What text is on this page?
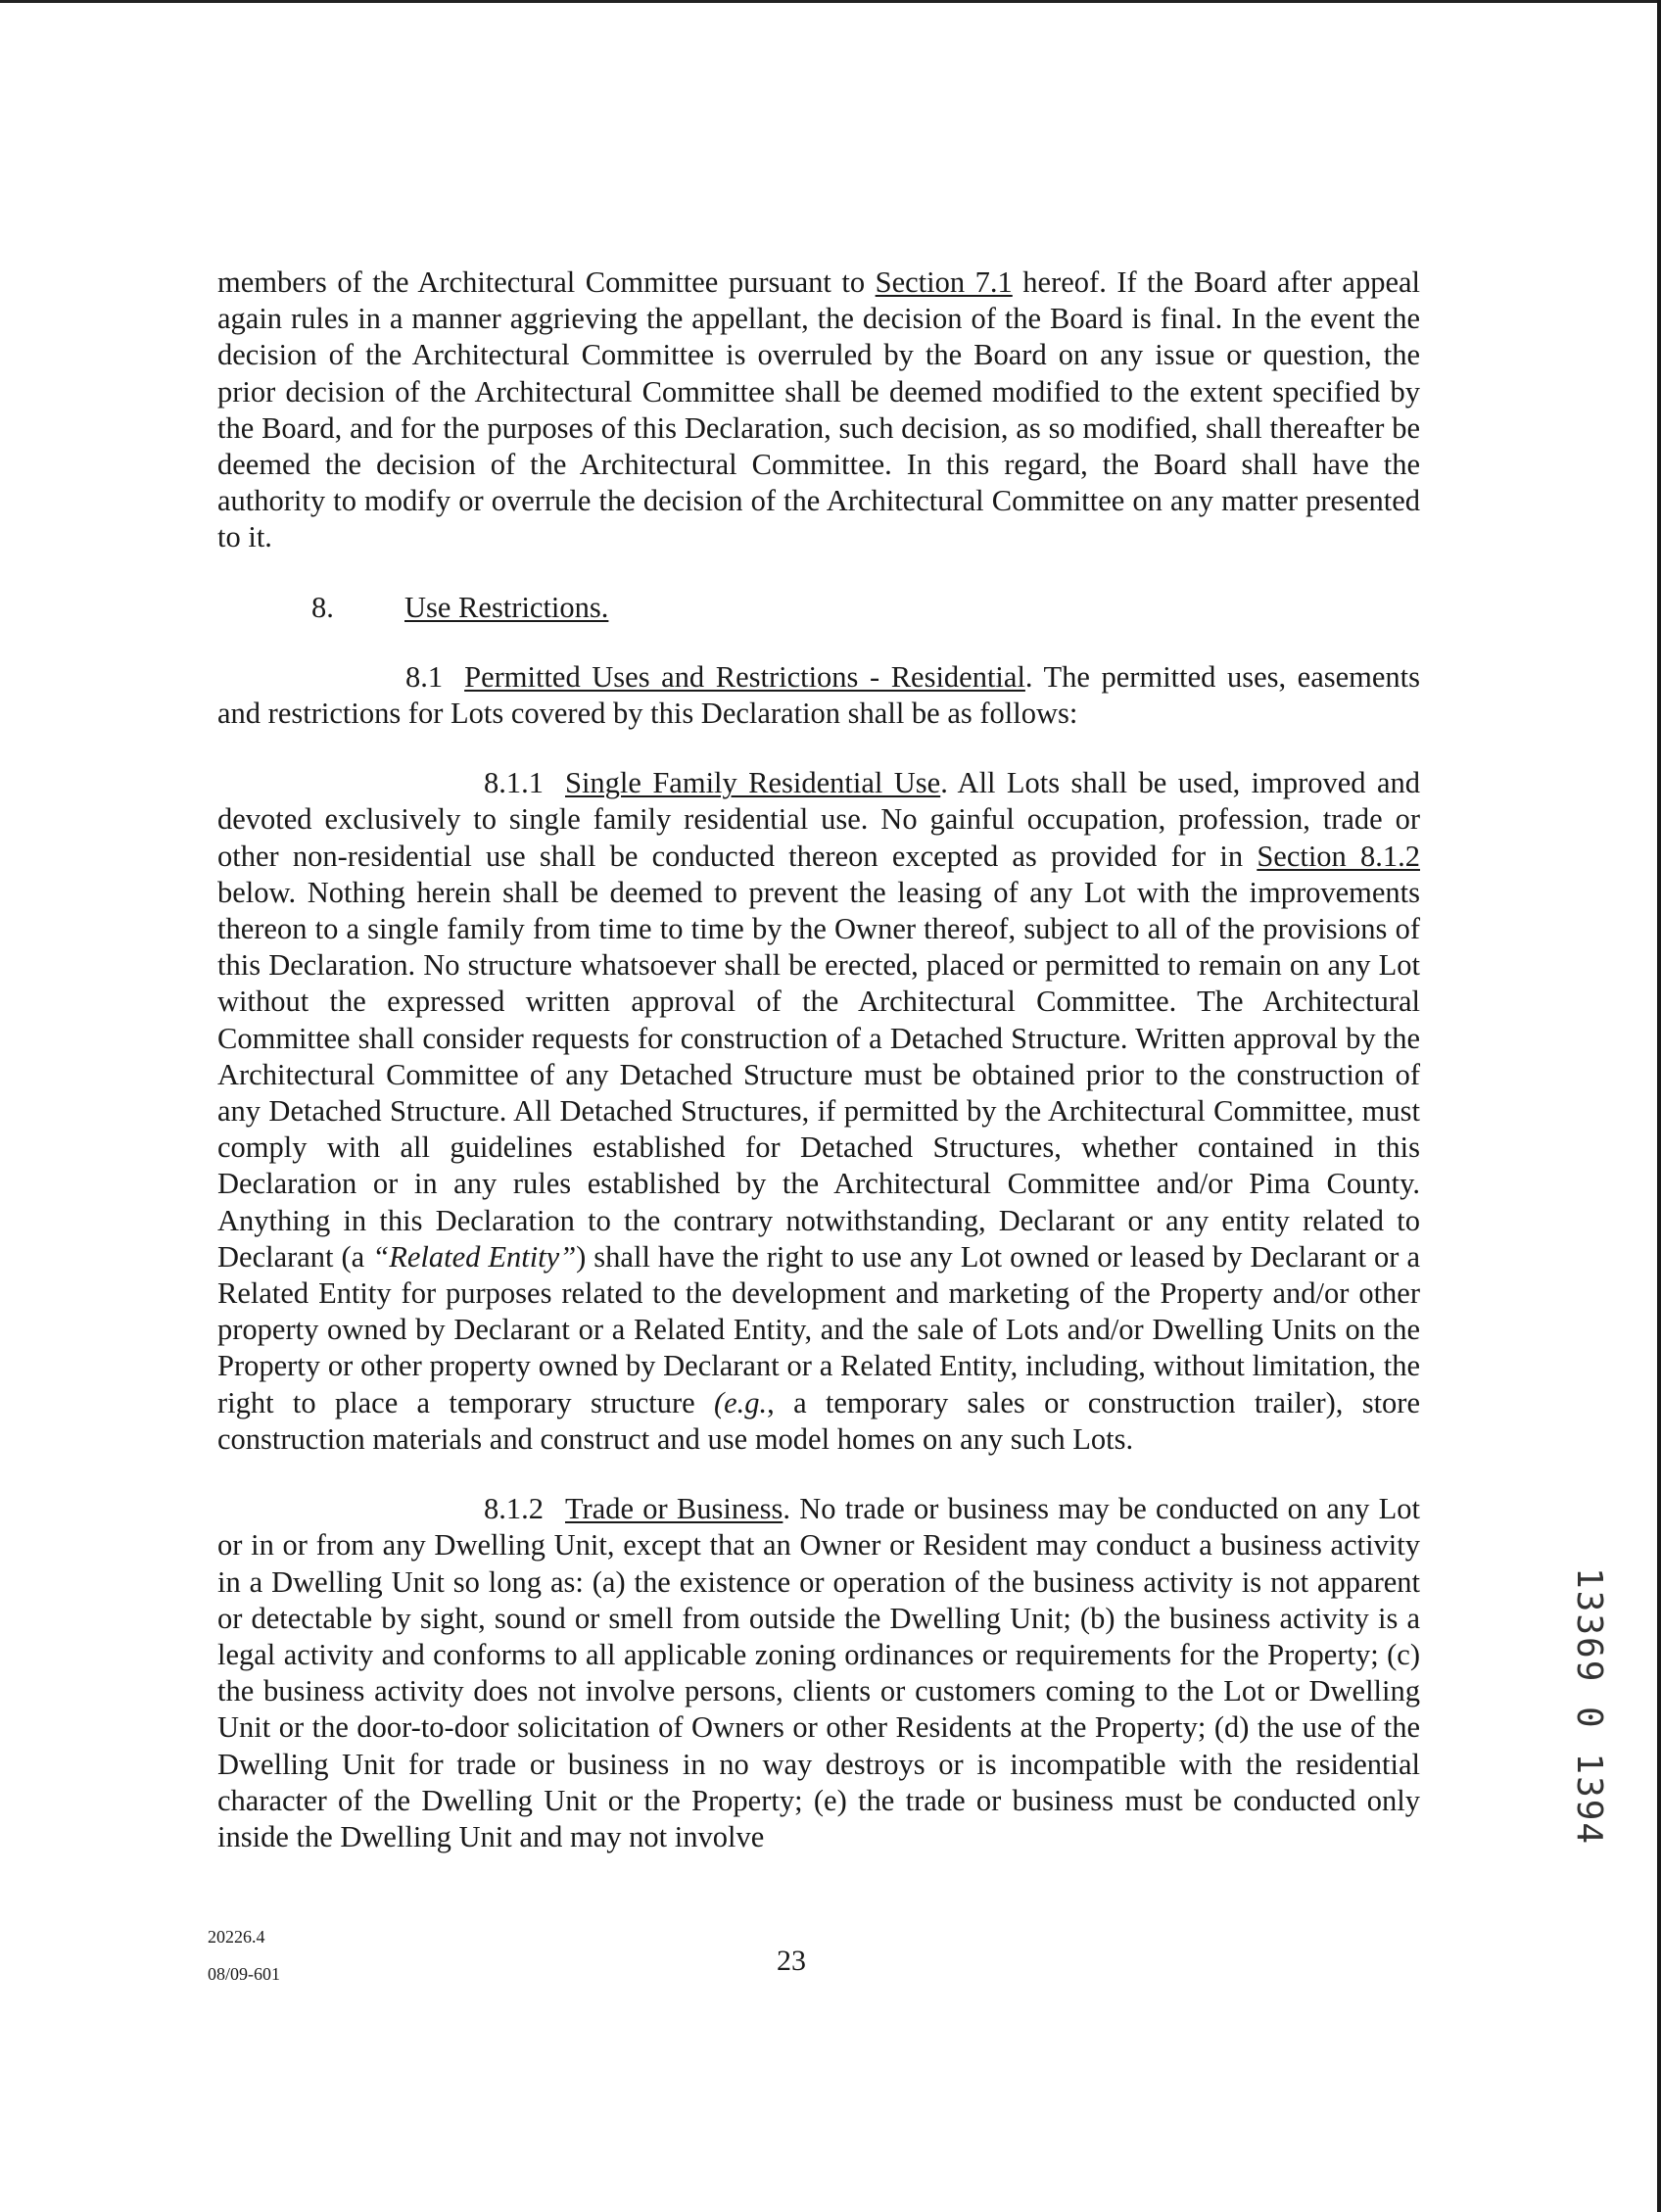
members of the Architectural Committee pursuant to Section 7.1 hereof. If the Board after appeal again rules in a manner aggrieving the appellant, the decision of the Board is final. In the event the decision of the Architectural Committee is overruled by the Board on any issue or question, the prior decision of the Architectural Committee shall be deemed modified to the extent specified by the Board, and for the purposes of this Declaration, such decision, as so modified, shall thereafter be deemed the decision of the Architectural Committee. In this regard, the Board shall have the authority to modify or overrule the decision of the Architectural Committee on any matter presented to it.

8. Use Restrictions.

8.1 Permitted Uses and Restrictions - Residential. The permitted uses, easements and restrictions for Lots covered by this Declaration shall be as follows:

8.1.1 Single Family Residential Use. All Lots shall be used, improved and devoted exclusively to single family residential use. No gainful occupation, profession, trade or other non-residential use shall be conducted thereon excepted as provided for in Section 8.1.2 below. Nothing herein shall be deemed to prevent the leasing of any Lot with the improvements thereon to a single family from time to time by the Owner thereof, subject to all of the provisions of this Declaration. No structure whatsoever shall be erected, placed or permitted to remain on any Lot without the expressed written approval of the Architectural Committee. The Architectural Committee shall consider requests for construction of a Detached Structure. Written approval by the Architectural Committee of any Detached Structure must be obtained prior to the construction of any Detached Structure. All Detached Structures, if permitted by the Architectural Committee, must comply with all guidelines established for Detached Structures, whether contained in this Declaration or in any rules established by the Architectural Committee and/or Pima County. Anything in this Declaration to the contrary notwithstanding, Declarant or any entity related to Declarant (a “Related Entity”) shall have the right to use any Lot owned or leased by Declarant or a Related Entity for purposes related to the development and marketing of the Property and/or other property owned by Declarant or a Related Entity, and the sale of Lots and/or Dwelling Units on the Property or other property owned by Declarant or a Related Entity, including, without limitation, the right to place a temporary structure (e.g., a temporary sales or construction trailer), store construction materials and construct and use model homes on any such Lots.

8.1.2 Trade or Business. No trade or business may be conducted on any Lot or in or from any Dwelling Unit, except that an Owner or Resident may conduct a business activity in a Dwelling Unit so long as: (a) the existence or operation of the business activity is not apparent or detectable by sight, sound or smell from outside the Dwelling Unit; (b) the business activity is a legal activity and conforms to all applicable zoning ordinances or requirements for the Property; (c) the business activity does not involve persons, clients or customers coming to the Lot or Dwelling Unit or the door-to-door solicitation of Owners or other Residents at the Property; (d) the use of the Dwelling Unit for trade or business in no way destroys or is incompatible with the residential character of the Dwelling Unit or the Property; (e) the trade or business must be conducted only inside the Dwelling Unit and may not involve

20226.4
08/09-601	23
13369 0 1394
